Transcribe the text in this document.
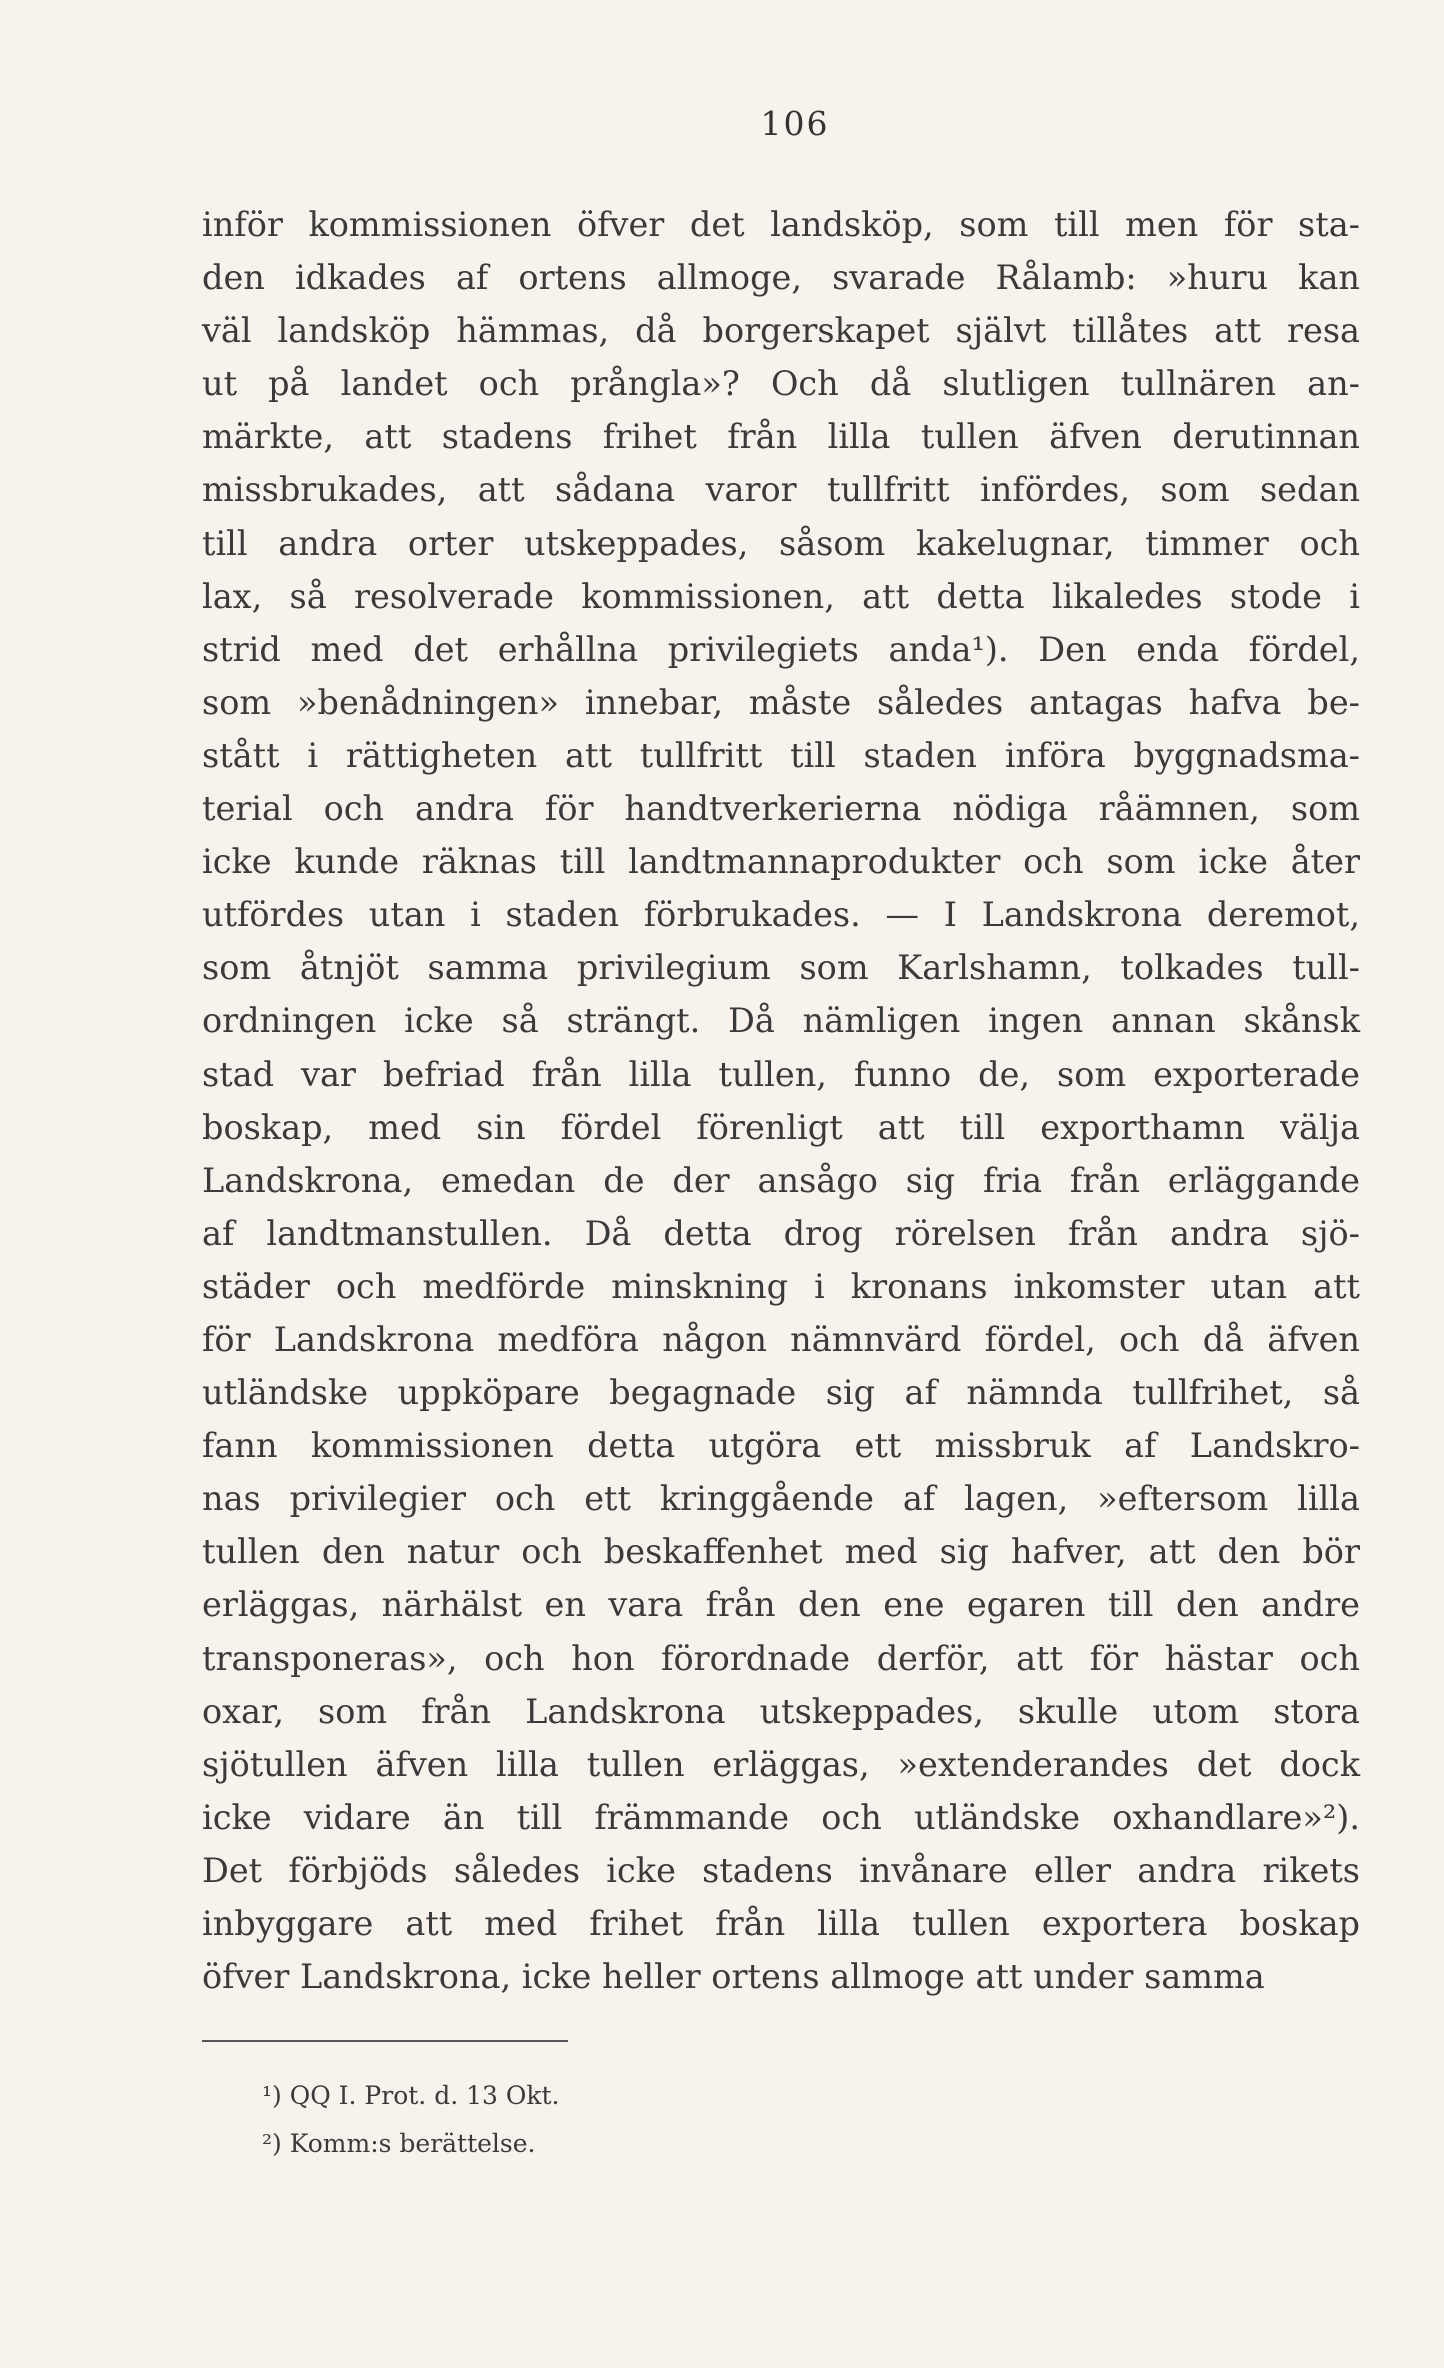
106
inför kommissionen öfver det landsköp, som till men för sta-
den idkades af ortens allmoge, svarade Rålamb: »huru kan
väl landsköp hämmas, då borgerskapet självt tillåtes att resa
ut på landet och prångla»? Och då slutligen tullnären an-
märkte, att stadens frihet från lilla tullen äfven derutinnan
missbrukades, att sådana varor tullfritt infördes, som sedan
till andra orter utskeppades, såsom kakelugnar, timmer och
lax, så resolverade kommissionen, att detta likaledes stode i
strid med det erhållna privilegiets anda¹). Den enda fördel,
som »benådningen» innebar, måste således antagas hafva be-
stått i rättigheten att tullfritt till staden införa byggnadsma-
terial och andra för handtverkerierna nödiga råämnen, som
icke kunde räknas till landtmannaprodukter och som icke åter
utfördes utan i staden förbrukades. — I Landskrona deremot,
som åtnjöt samma privilegium som Karlshamn, tolkades tull-
ordningen icke så strängt. Då nämligen ingen annan skånsk
stad var befriad från lilla tullen, funno de, som exporterade
boskap, med sin fördel förenligt att till exporthamn välja
Landskrona, emedan de der ansågo sig fria från erläggande
af landtmanstullen. Då detta drog rörelsen från andra sjö-
städer och medförde minskning i kronans inkomster utan att
för Landskrona medföra någon nämnvärd fördel, och då äfven
utländske uppköpare begagnade sig af nämnda tullfrihet, så
fann kommissionen detta utgöra ett missbruk af Landskro-
nas privilegier och ett kringgående af lagen, »eftersom lilla
tullen den natur och beskaffenhet med sig hafver, att den bör
erläggas, närhälst en vara från den ene egaren till den andre
transponeras», och hon förordnade derför, att för hästar och
oxar, som från Landskrona utskeppades, skulle utom stora
sjötullen äfven lilla tullen erläggas, »extenderandes det dock
icke vidare än till främmande och utländske oxhandlare»²).
Det förbjöds således icke stadens invånare eller andra rikets
inbyggare att med frihet från lilla tullen exportera boskap
öfver Landskrona, icke heller ortens allmoge att under samma
¹) QQ I. Prot. d. 13 Okt.
²) Komm:s berättelse.
